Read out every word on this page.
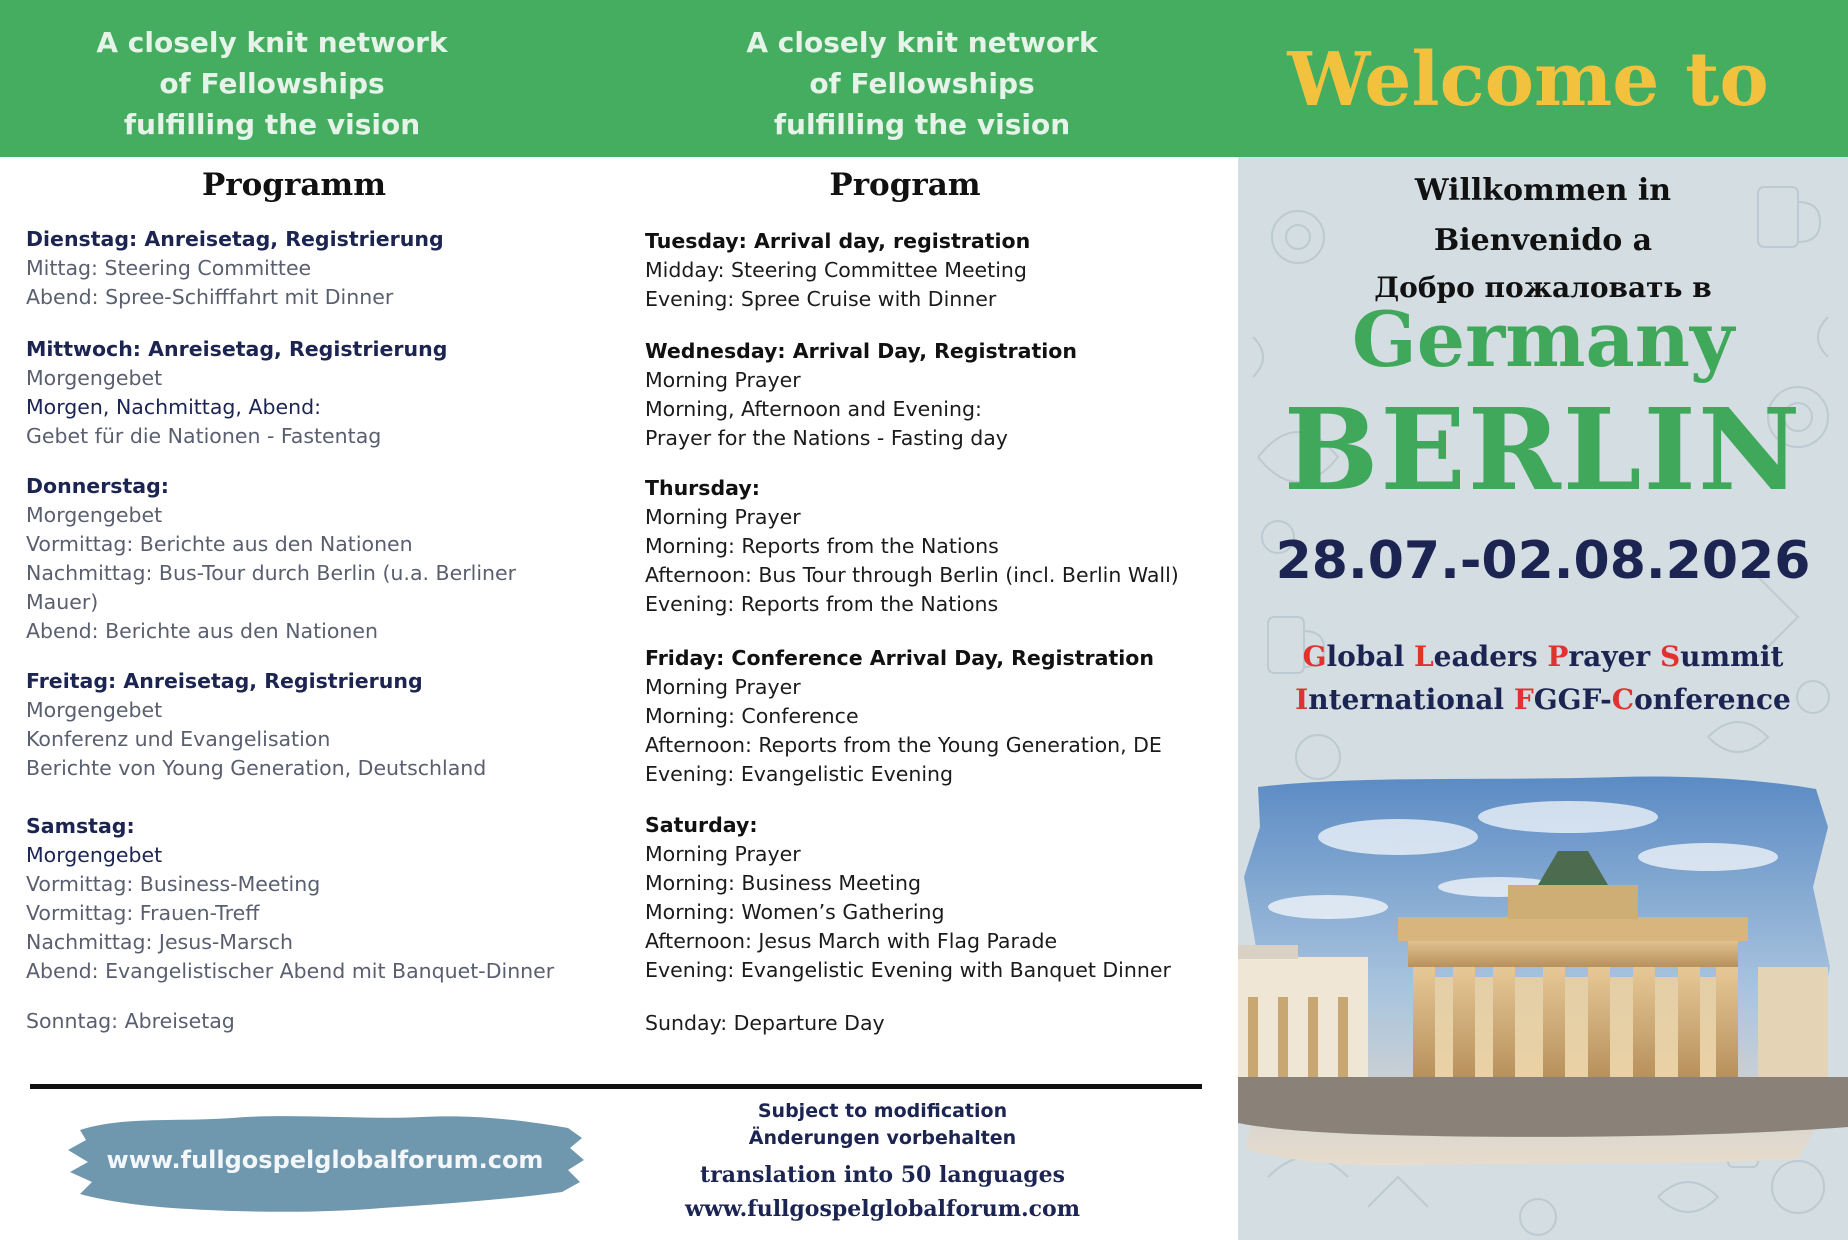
A closely knit network
of Fellowships
fulfilling the vision
A closely knit network
of Fellowships
fulfilling the vision
Welcome to
Programm
Dienstag: Anreisetag, Registrierung
Mittag: Steering Committee
Abend: Spree-Schifffahrt mit Dinner
Mittwoch: Anreisetag, Registrierung
Morgengebet
Morgen, Nachmittag, Abend:
Gebet für die Nationen - Fastentag
Donnerstag:
Morgengebet
Vormittag: Berichte aus den Nationen
Nachmittag: Bus-Tour durch Berlin (u.a. Berliner
Mauer)
Abend: Berichte aus den Nationen
Freitag: Anreisetag, Registrierung
Morgengebet
Konferenz und Evangelisation
Berichte von Young Generation, Deutschland
Samstag:
Morgengebet
Vormittag: Business-Meeting
Vormittag: Frauen-Treff
Nachmittag: Jesus-Marsch
Abend: Evangelistischer Abend mit Banquet-Dinner
Sonntag: Abreisetag
Program
Tuesday: Arrival day, registration
Midday: Steering Committee Meeting
Evening: Spree Cruise with Dinner
Wednesday: Arrival Day, Registration
Morning Prayer
Morning, Afternoon and Evening:
Prayer for the Nations - Fasting day
Thursday:
Morning Prayer
Morning: Reports from the Nations
Afternoon: Bus Tour through Berlin (incl. Berlin Wall)
Evening: Reports from the Nations
Friday: Conference Arrival Day, Registration
Morning Prayer
Morning: Conference
Afternoon: Reports from the Young Generation, DE
Evening: Evangelistic Evening
Saturday:
Morning Prayer
Morning: Business Meeting
Morning: Women’s Gathering
Afternoon: Jesus March with Flag Parade
Evening: Evangelistic Evening with Banquet Dinner
Sunday: Departure Day
www.fullgospelglobalforum.com
Subject to modification
Änderungen vorbehalten
translation into 50 languages
www.fullgospelglobalforum.com
Willkommen in
Bienvenido a
Добро пожаловать в
Germany
BERLIN
28.07.-02.08.2026
Global Leaders Prayer Summit
International FGGF-Conference
